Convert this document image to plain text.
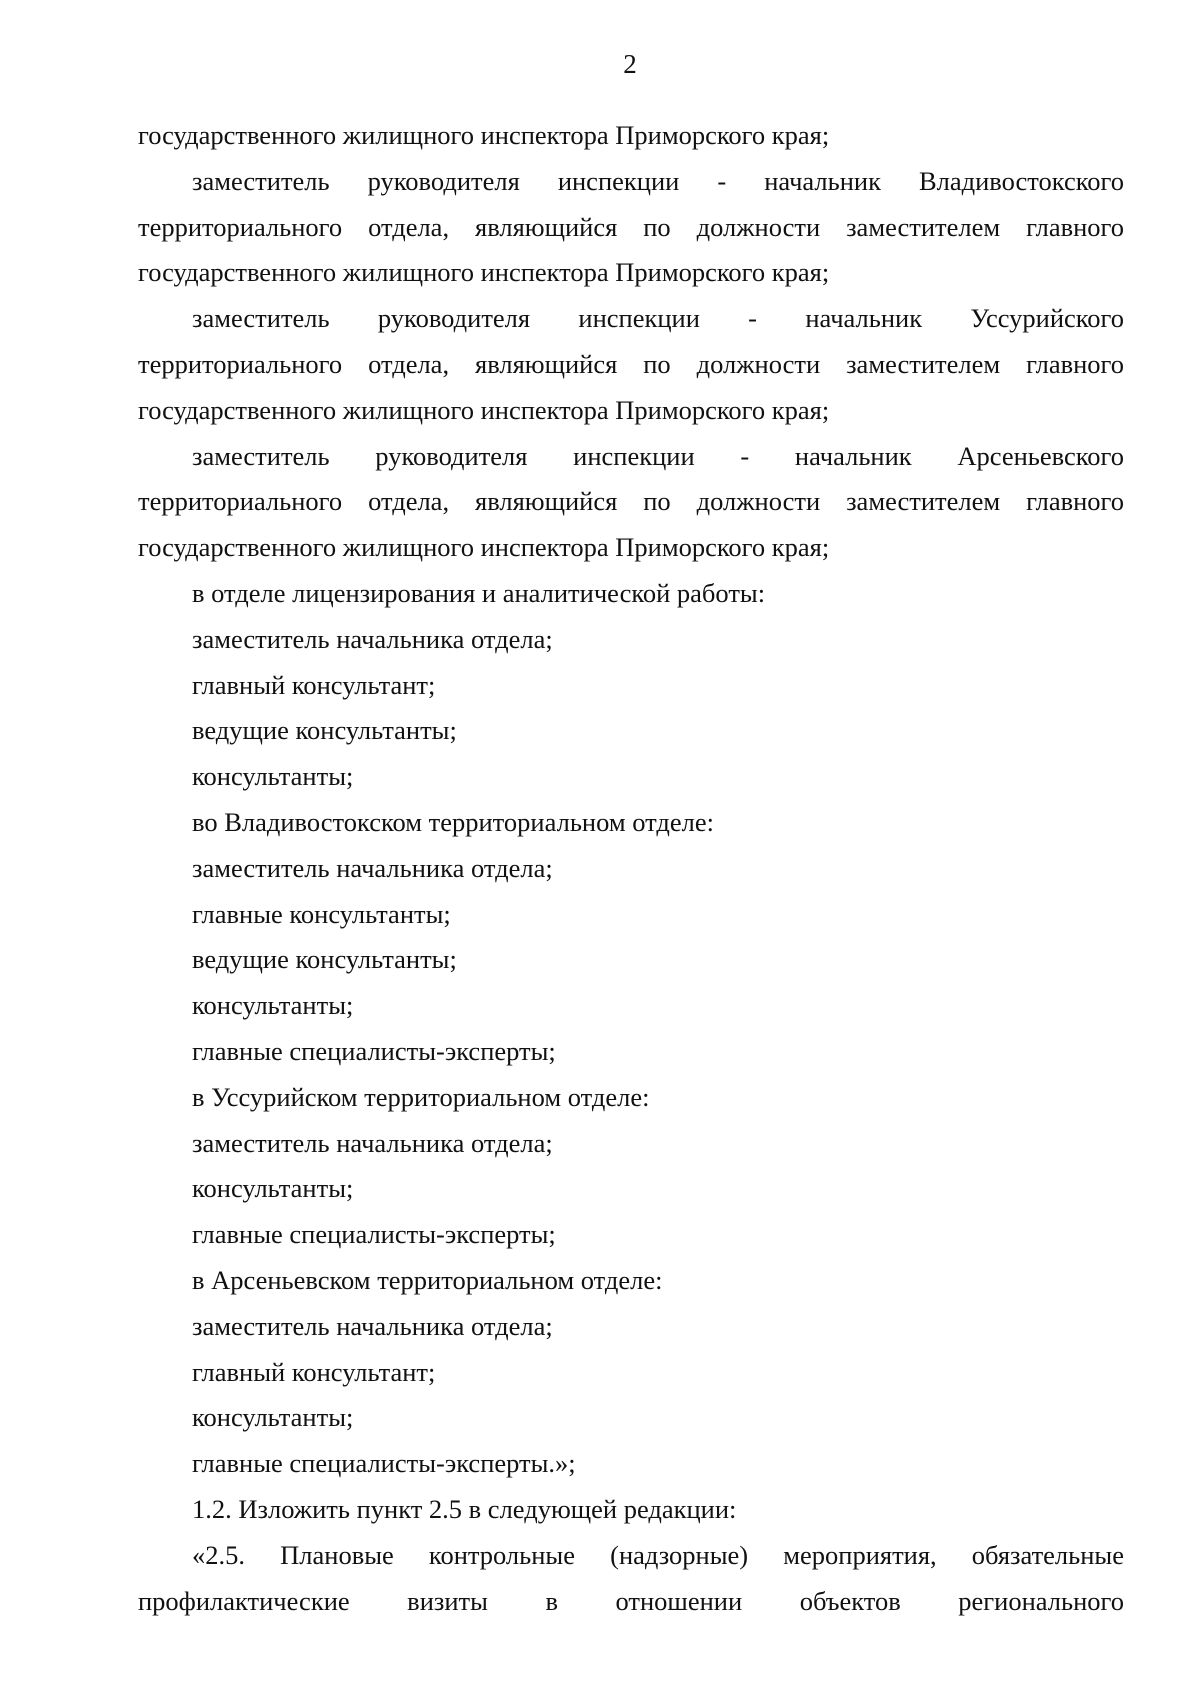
2

государственного жилищного инспектора Приморского края;

заместитель руководителя инспекции - начальник Владивостокского территориального отдела, являющийся по должности заместителем главного государственного жилищного инспектора Приморского края;

заместитель руководителя инспекции - начальник Уссурийского территориального отдела, являющийся по должности заместителем главного государственного жилищного инспектора Приморского края;

заместитель руководителя инспекции - начальник Арсеньевского территориального отдела, являющийся по должности заместителем главного государственного жилищного инспектора Приморского края;

в отделе лицензирования и аналитической работы:

заместитель начальника отдела;

главный консультант;

ведущие консультанты;

консультанты;

во Владивостокском территориальном отделе:

заместитель начальника отдела;

главные консультанты;

ведущие консультанты;

консультанты;

главные специалисты-эксперты;

в Уссурийском территориальном отделе:

заместитель начальника отдела;

консультанты;

главные специалисты-эксперты;

в Арсеньевском территориальном отделе:

заместитель начальника отдела;

главный консультант;

консультанты;

главные специалисты-эксперты.»;

1.2. Изложить пункт 2.5 в следующей редакции:

«2.5. Плановые контрольные (надзорные) мероприятия, обязательные профилактические визиты в отношении объектов регионального
